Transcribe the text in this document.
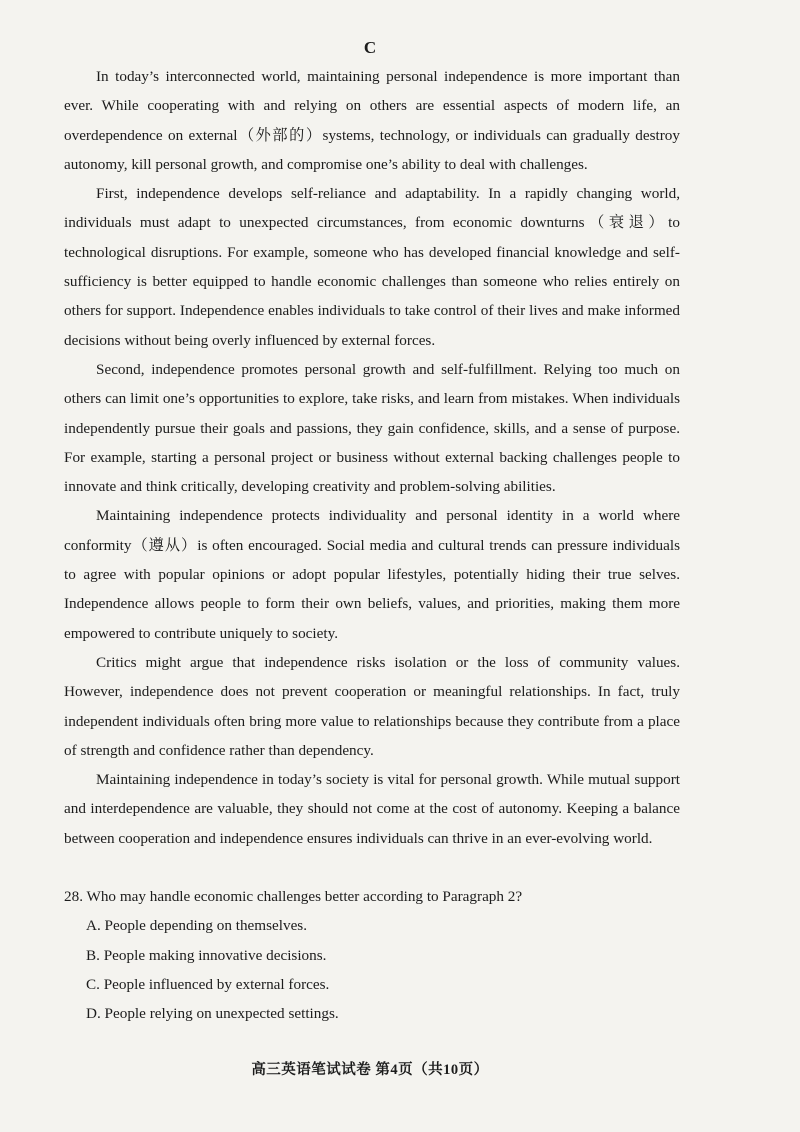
C

In today’s interconnected world, maintaining personal independence is more important than ever. While cooperating with and relying on others are essential aspects of modern life, an overdependence on external（外部的）systems, technology, or individuals can gradually destroy autonomy, kill personal growth, and compromise one’s ability to deal with challenges.

First, independence develops self-reliance and adaptability. In a rapidly changing world, individuals must adapt to unexpected circumstances, from economic downturns（衰退）to technological disruptions. For example, someone who has developed financial knowledge and self-sufficiency is better equipped to handle economic challenges than someone who relies entirely on others for support. Independence enables individuals to take control of their lives and make informed decisions without being overly influenced by external forces.

Second, independence promotes personal growth and self-fulfillment. Relying too much on others can limit one’s opportunities to explore, take risks, and learn from mistakes. When individuals independently pursue their goals and passions, they gain confidence, skills, and a sense of purpose. For example, starting a personal project or business without external backing challenges people to innovate and think critically, developing creativity and problem-solving abilities.

Maintaining independence protects individuality and personal identity in a world where conformity（遵从）is often encouraged. Social media and cultural trends can pressure individuals to agree with popular opinions or adopt popular lifestyles, potentially hiding their true selves. Independence allows people to form their own beliefs, values, and priorities, making them more empowered to contribute uniquely to society.

Critics might argue that independence risks isolation or the loss of community values. However, independence does not prevent cooperation or meaningful relationships. In fact, truly independent individuals often bring more value to relationships because they contribute from a place of strength and confidence rather than dependency.

Maintaining independence in today’s society is vital for personal growth. While mutual support and interdependence are valuable, they should not come at the cost of autonomy. Keeping a balance between cooperation and independence ensures individuals can thrive in an ever-evolving world.

28. Who may handle economic challenges better according to Paragraph 2?
A. People depending on themselves.
B. People making innovative decisions.
C. People influenced by external forces.
D. People relying on unexpected settings.
高三英语笔试试卷 第4页（共10页）
